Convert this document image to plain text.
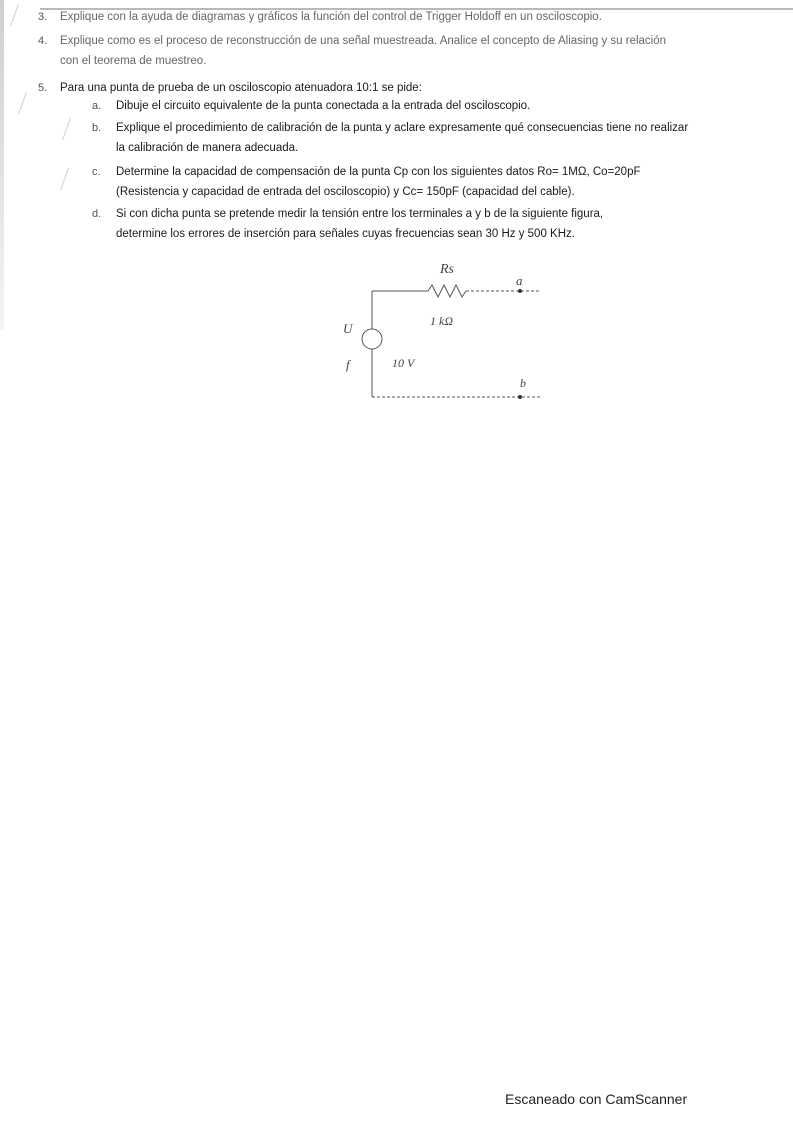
3. Explique con la ayuda de diagramas y gráficos la función del control de Trigger Holdoff en un osciloscopio.
4. Explique como es el proceso de reconstrucción de una señal muestreada. Analice el concepto de Aliasing y su relación
con el teorema de muestreo.
5. Para una punta de prueba de un osciloscopio atenuadora 10:1 se pide:
a. Dibuje el circuito equivalente de la punta conectada a la entrada del osciloscopio.
b. Explique el procedimiento de calibración de la punta y aclare expresamente qué consecuencias tiene no realizar
la calibración de manera adecuada.
c. Determine la capacidad de compensación de la punta Cp con los siguientes datos Ro= 1MΩ, Co=20pF
(Resistencia y capacidad de entrada del osciloscopio) y Cc= 150pF (capacidad del cable).
d. Si con dicha punta se pretende medir la tensión entre los terminales a y b de la siguiente figura,
determine los errores de inserción para señales cuyas frecuencias sean 30 Hz y 500 KHz.
Rs
1 kΩ
a
b
U
f	10 V
Escaneado con CamScanner
